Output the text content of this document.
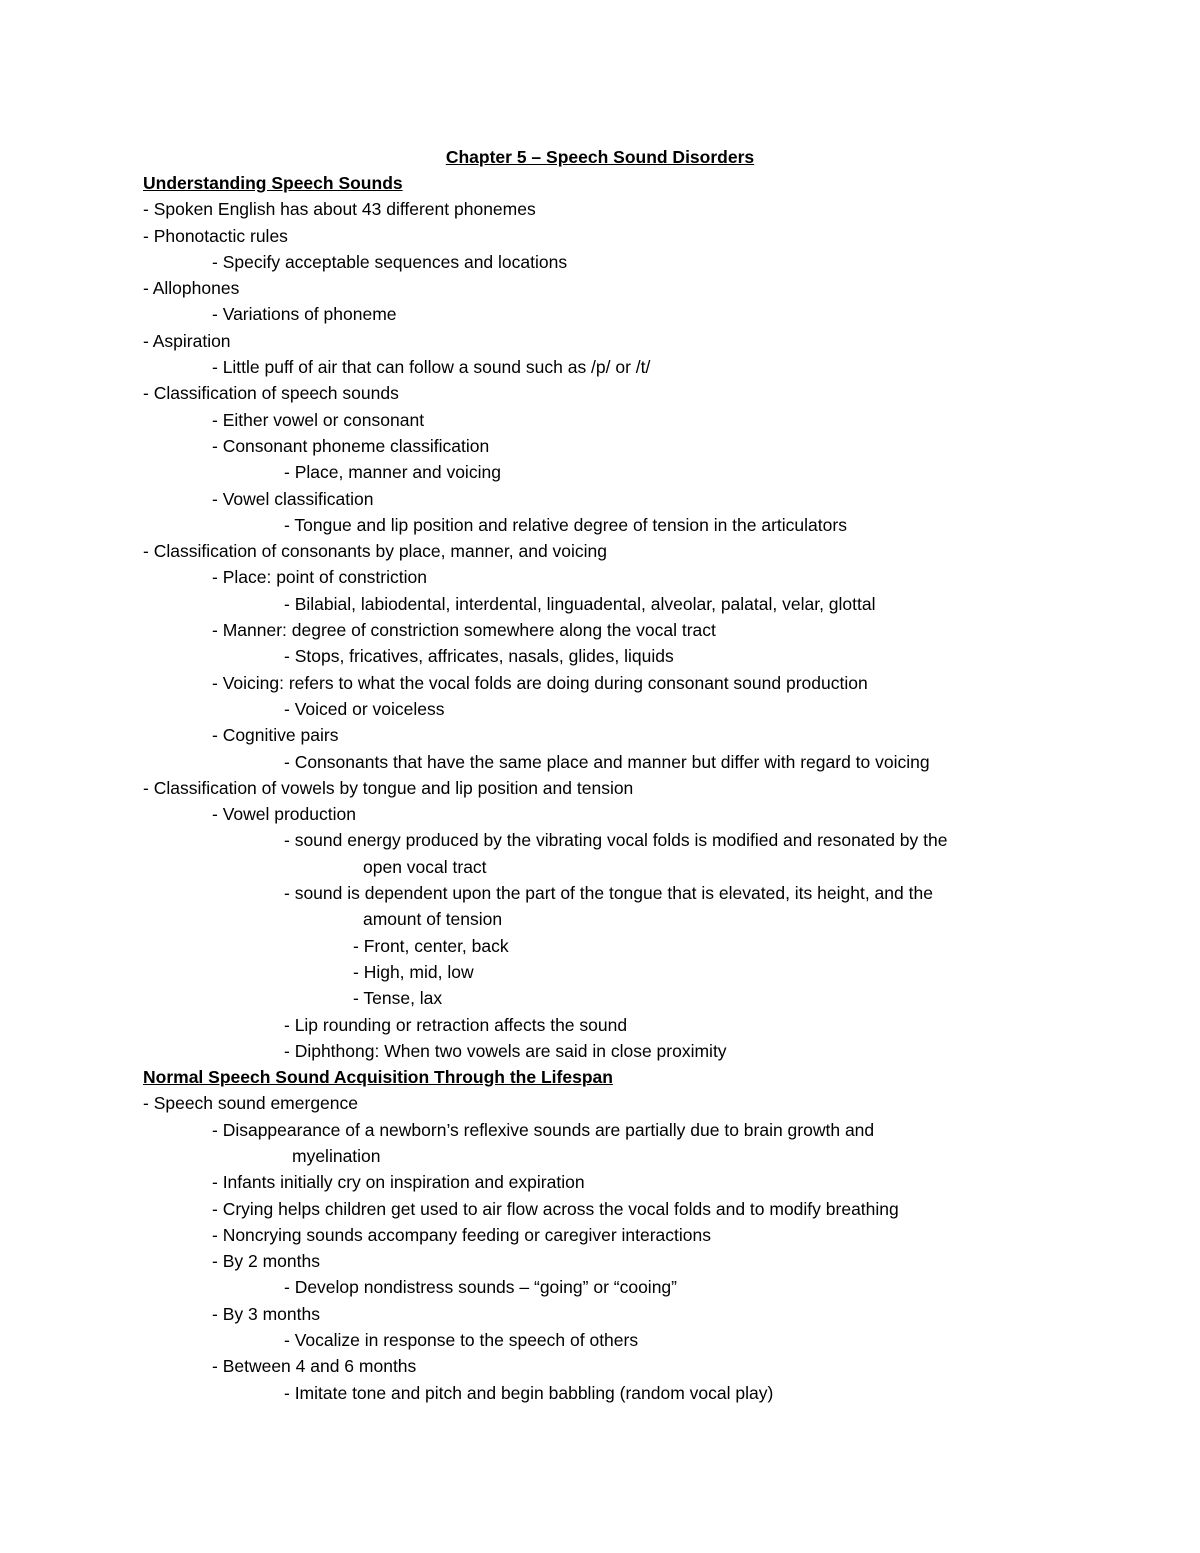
Chapter 5 – Speech Sound Disorders
Understanding Speech Sounds
- Spoken English has about 43 different phonemes
- Phonotactic rules
- Specify acceptable sequences and locations
- Allophones
- Variations of phoneme
- Aspiration
- Little puff of air that can follow a sound such as /p/ or /t/
- Classification of speech sounds
- Either vowel or consonant
- Consonant phoneme classification
- Place, manner and voicing
- Vowel classification
- Tongue and lip position and relative degree of tension in the articulators
- Classification of consonants by place, manner, and voicing
- Place: point of constriction
- Bilabial, labiodental, interdental, linguadental, alveolar, palatal, velar, glottal
- Manner: degree of constriction somewhere along the vocal tract
- Stops, fricatives, affricates, nasals, glides, liquids
- Voicing: refers to what the vocal folds are doing during consonant sound production
- Voiced or voiceless
- Cognitive pairs
- Consonants that have the same place and manner but differ with regard to voicing
- Classification of vowels by tongue and lip position and tension
- Vowel production
- sound energy produced by the vibrating vocal folds is modified and resonated by the
open vocal tract
- sound is dependent upon the part of the tongue that is elevated, its height, and the
amount of tension
- Front, center, back
- High, mid, low
- Tense, lax
- Lip rounding or retraction affects the sound
- Diphthong: When two vowels are said in close proximity
Normal Speech Sound Acquisition Through the Lifespan
- Speech sound emergence
- Disappearance of a newborn’s reflexive sounds are partially due to brain growth and
myelination
- Infants initially cry on inspiration and expiration
- Crying helps children get used to air flow across the vocal folds and to modify breathing
- Noncrying sounds accompany feeding or caregiver interactions
- By 2 months
- Develop nondistress sounds – “going” or “cooing”
- By 3 months
- Vocalize in response to the speech of others
- Between 4 and 6 months
- Imitate tone and pitch and begin babbling (random vocal play)
